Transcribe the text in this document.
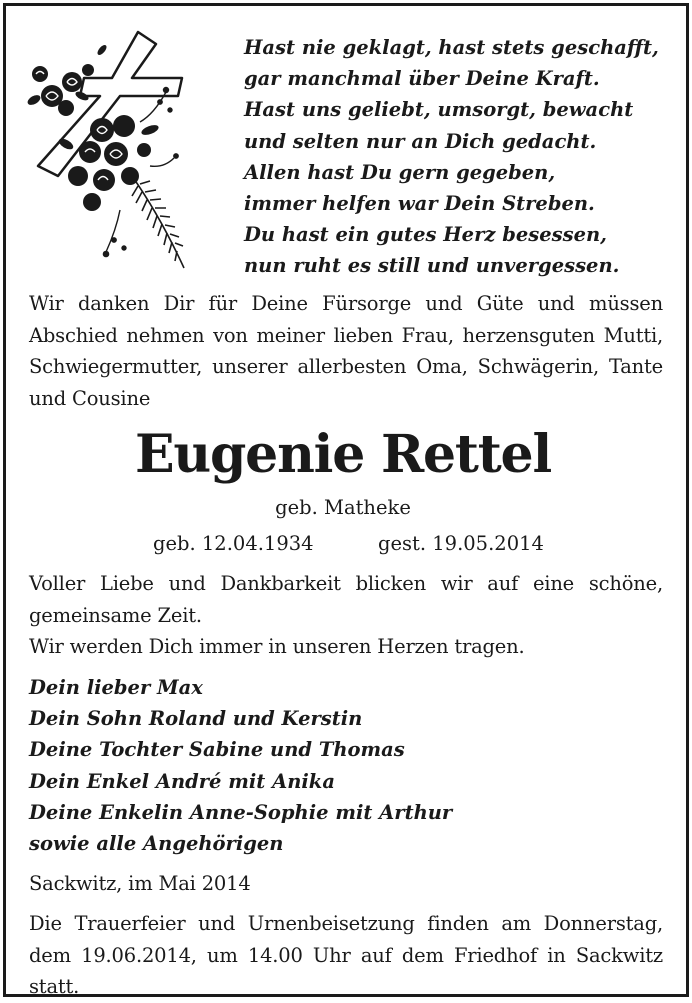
Hast nie geklagt, hast stets geschafft,
gar manchmal über Deine Kraft.
Hast uns geliebt, umsorgt, bewacht
und selten nur an Dich gedacht.
Allen hast Du gern gegeben,
immer helfen war Dein Streben.
Du hast ein gutes Herz besessen,
nun ruht es still und unvergessen.

Wir danken Dir für Deine Fürsorge und Güte und müssen Abschied nehmen von meiner lieben Frau, herzensguten Mutti, Schwiegermutter, unserer allerbesten Oma, Schwägerin, Tante und Cousine

Eugenie Rettel
geb. Matheke
geb. 12.04.1934	gest. 19.05.2014

Voller Liebe und Dankbarkeit blicken wir auf eine schöne, gemeinsame Zeit.

Wir werden Dich immer in unseren Herzen tragen.
Dein lieber Max
Dein Sohn Roland und Kerstin
Deine Tochter Sabine und Thomas
Dein Enkel André mit Anika
Deine Enkelin Anne-Sophie mit Arthur
sowie alle Angehörigen
Sackwitz, im Mai 2014

Die Trauerfeier und Urnenbeisetzung finden am Donnerstag, dem 19.06.2014, um 14.00 Uhr auf dem Friedhof in Sackwitz statt.
